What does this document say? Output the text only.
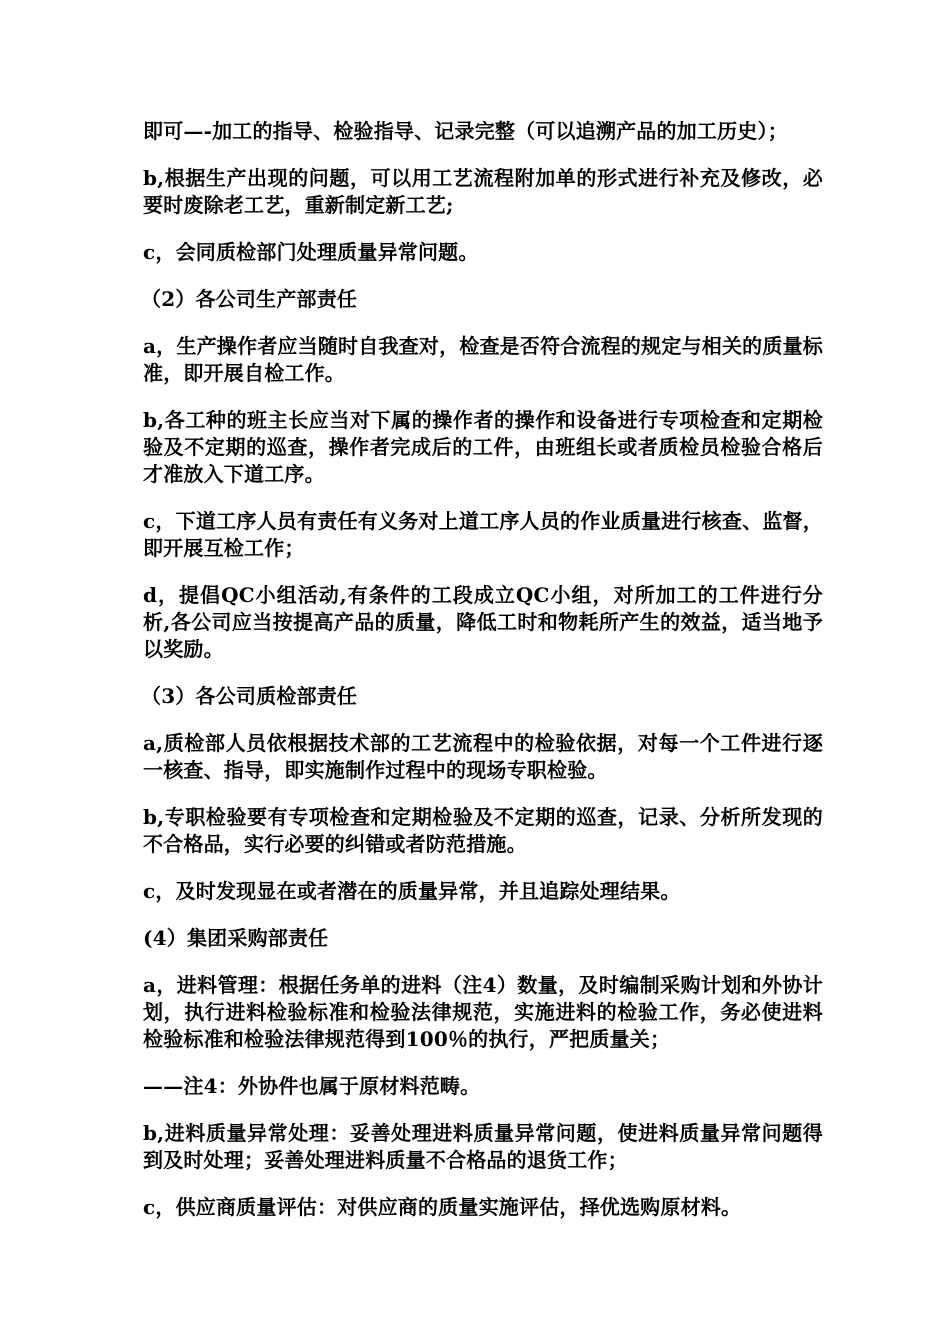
即可—-加工的指导、检验指导、记录完整（可以追溯产品的加工历史）；

b,根据生产出现的问题，可以用工艺流程附加单的形式进行补充及修改，必要时废除老工艺，重新制定新工艺;

c，会同质检部门处理质量异常问题。

（2）各公司生产部责任

a，生产操作者应当随时自我查对，检查是否符合流程的规定与相关的质量标准，即开展自检工作。

b,各工种的班主长应当对下属的操作者的操作和设备进行专项检查和定期检验及不定期的巡查，操作者完成后的工件，由班组长或者质检员检验合格后才准放入下道工序。

c，下道工序人员有责任有义务对上道工序人员的作业质量进行核查、监督，即开展互检工作；

d，提倡QC小组活动,有条件的工段成立QC小组，对所加工的工件进行分析,各公司应当按提高产品的质量，降低工时和物耗所产生的效益，适当地予以奖励。

（3）各公司质检部责任

a,质检部人员依根据技术部的工艺流程中的检验依据，对每一个工件进行逐一核查、指导，即实施制作过程中的现场专职检验。

b,专职检验要有专项检查和定期检验及不定期的巡查，记录、分析所发现的不合格品，实行必要的纠错或者防范措施。

c，及时发现显在或者潜在的质量异常，并且追踪处理结果。

(4）集团采购部责任

a，进料管理：根据任务单的进料（注4）数量，及时编制采购计划和外协计划，执行进料检验标准和检验法律规范，实施进料的检验工作，务必使进料检验标准和检验法律规范得到100％的执行，严把质量关；

——注4：外协件也属于原材料范畴。

b,进料质量异常处理：妥善处理进料质量异常问题，使进料质量异常问题得到及时处理；妥善处理进料质量不合格品的退货工作；

c，供应商质量评估：对供应商的质量实施评估，择优选购原材料。
